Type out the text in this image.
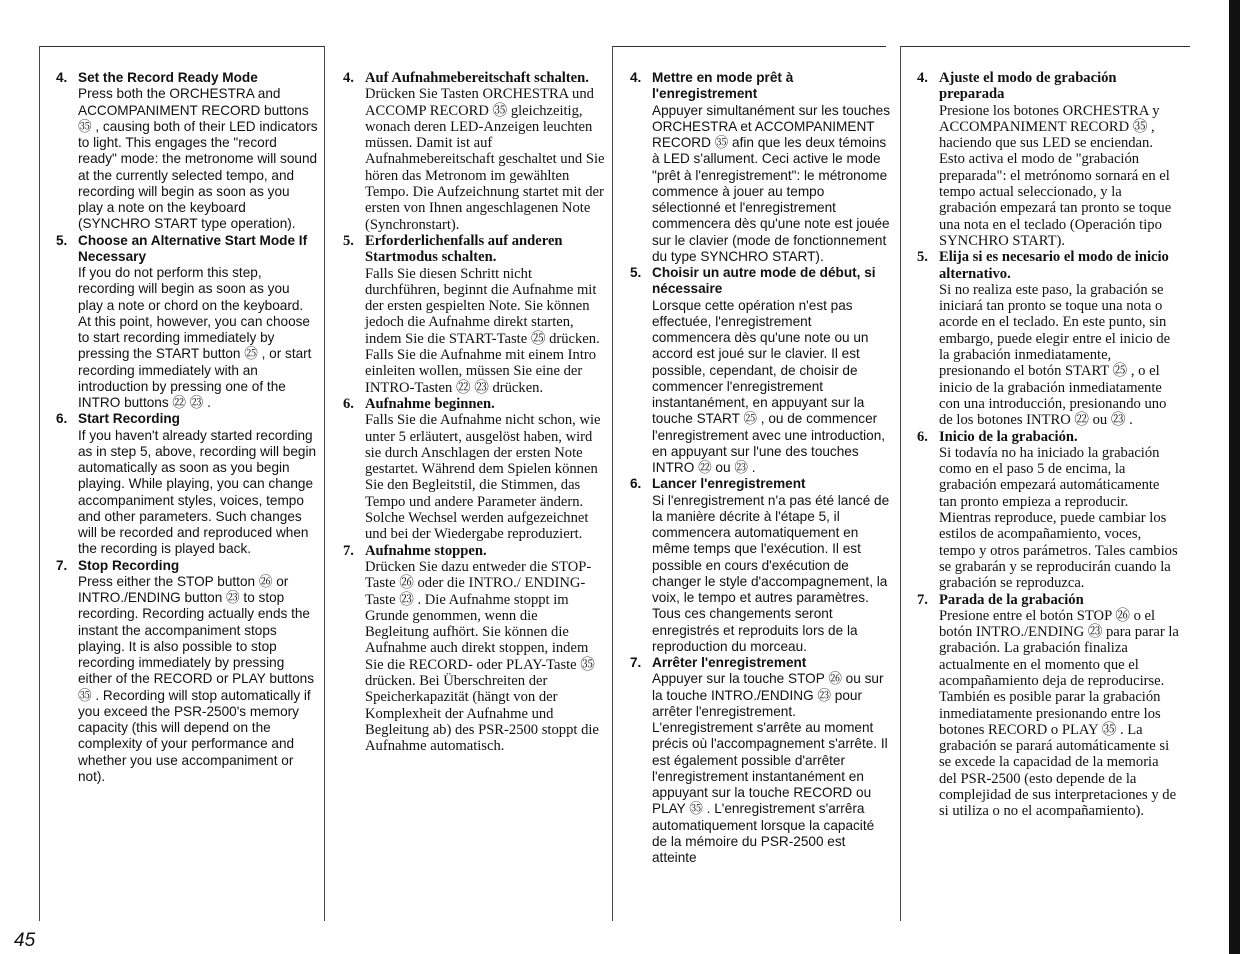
4. Set the Record Ready Mode
Press both the ORCHESTRA and ACCOMPANIMENT RECORD buttons ㉟ , causing both of their LED indicators to light. This engages the "record ready" mode: the metronome will sound at the currently selected tempo, and recording will begin as soon as you play a note on the keyboard (SYNCHRO START type operation).
5. Choose an Alternative Start Mode If Necessary
If you do not perform this step, recording will begin as soon as you play a note or chord on the keyboard. At this point, however, you can choose to start recording immediately by pressing the START button ㉕ , or start recording immediately with an introduction by pressing one of the INTRO buttons ㉒ ㉓ .
6. Start Recording
If you haven't already started recording as in step 5, above, recording will begin automatically as soon as you begin playing. While playing, you can change accompaniment styles, voices, tempo and other parameters. Such changes will be recorded and reproduced when the recording is played back.
7. Stop Recording
Press either the STOP button ㉖ or INTRO./ENDING button ㉓ to stop recording. Recording actually ends the instant the accompaniment stops playing. It is also possible to stop recording immediately by pressing either of the RECORD or PLAY buttons ㉟ . Recording will stop automatically if you exceed the PSR-2500's memory capacity (this will depend on the complexity of your performance and whether you use accompaniment or not).
4. Auf Aufnahmebereitschaft schalten.
Drücken Sie Tasten ORCHESTRA und ACCOMP RECORD ㉟ gleichzeitig, wonach deren LED-Anzeigen leuchten müssen. Damit ist auf Aufnahmebereitschaft geschaltet und Sie hören das Metronom im gewählten Tempo. Die Aufzeichnung startet mit der ersten von Ihnen angeschlagenen Note (Synchronstart).
5. Erforderlichenfalls auf anderen Startmodus schalten.
Falls Sie diesen Schritt nicht durchführen, beginnt die Aufnahme mit der ersten gespielten Note. Sie können jedoch die Aufnahme direkt starten, indem Sie die START-Taste ㉕ drücken. Falls Sie die Aufnahme mit einem Intro einleiten wollen, müssen Sie eine der INTRO-Tasten ㉒ ㉓ drücken.
6. Aufnahme beginnen.
Falls Sie die Aufnahme nicht schon, wie unter 5 erläutert, ausgelöst haben, wird sie durch Anschlagen der ersten Note gestartet. Während dem Spielen können Sie den Begleitstil, die Stimmen, das Tempo und andere Parameter ändern. Solche Wechsel werden aufgezeichnet und bei der Wiedergabe reproduziert.
7. Aufnahme stoppen.
Drücken Sie dazu entweder die STOP-Taste ㉖ oder die INTRO./ ENDING-Taste ㉓ . Die Aufnahme stoppt im Grunde genommen, wenn die Begleitung aufhört. Sie können die Aufnahme auch direkt stoppen, indem Sie die RECORD- oder PLAY-Taste ㉟ drücken. Bei Überschreiten der Speicherkapazität (hängt von der Komplexheit der Aufnahme und Begleitung ab) des PSR-2500 stoppt die Aufnahme automatisch.
4. Mettre en mode prêt à l'enregistrement
Appuyer simultanément sur les touches ORCHESTRA et ACCOMPANIMENT RECORD ㉟ afin que les deux témoins à LED s'allument. Ceci active le mode "prêt à l'enregistrement": le métronome commence à jouer au tempo sélectionné et l'enregistrement commencera dès qu'une note est jouée sur le clavier (mode de fonctionnement du type SYNCHRO START).
5. Choisir un autre mode de début, si nécessaire
Lorsque cette opération n'est pas effectuée, l'enregistrement commencera dès qu'une note ou un accord est joué sur le clavier. Il est possible, cependant, de choisir de commencer l'enregistrement instantanément, en appuyant sur la touche START ㉕ , ou de commencer l'enregistrement avec une introduction, en appuyant sur l'une des touches INTRO ㉒ ou ㉓ .
6. Lancer l'enregistrement
Si l'enregistrement n'a pas été lancé de la manière décrite à l'étape 5, il commencera automatiquement en même temps que l'exécution. Il est possible en cours d'exécution de changer le style d'accompagnement, la voix, le tempo et autres paramètres. Tous ces changements seront enregistrés et reproduits lors de la reproduction du morceau.
7. Arrêter l'enregistrement
Appuyer sur la touche STOP ㉖ ou sur la touche INTRO./ENDING ㉓ pour arrêter l'enregistrement. L'enregistrement s'arrête au moment précis où l'accompagnement s'arrête. Il est également possible d'arrêter l'enregistrement instantanément en appuyant sur la touche RECORD ou PLAY ㉟ . L'enregistrement s'arrêra automatiquement lorsque la capacité de la mémoire du PSR-2500 est atteinte
4. Ajuste el modo de grabación preparada
Presione los botones ORCHESTRA y ACCOMPANIMENT RECORD ㉟ , haciendo que sus LED se enciendan. Esto activa el modo de "grabación preparada": el metrónomo sornará en el tempo actual seleccionado, y la grabación empezará tan pronto se toque una nota en el teclado (Operación tipo SYNCHRO START).
5. Elija si es necesario el modo de inicio alternativo.
Si no realiza este paso, la grabación se iniciará tan pronto se toque una nota o acorde en el teclado. En este punto, sin embargo, puede elegir entre el inicio de la grabación inmediatamente, presionando el botón START ㉕ , o el inicio de la grabación inmediatamente con una introducción, presionando uno de los botones INTRO ㉒ ou ㉓ .
6. Inicio de la grabación.
Si todavía no ha iniciado la grabación como en el paso 5 de encima, la grabación empezará automáticamente tan pronto empieza a reproducir. Mientras reproduce, puede cambiar los estilos de acompañamiento, voces, tempo y otros parámetros. Tales cambios se grabarán y se reproducirán cuando la grabación se reproduzca.
7. Parada de la grabación
Presione entre el botón STOP ㉖ o el botón INTRO./ENDING ㉓ para parar la grabación. La grabación finaliza actualmente en el momento que el acompañamiento deja de reproducirse. También es posible parar la grabación inmediatamente presionando entre los botones RECORD o PLAY ㉟ . La grabación se parará automáticamente si se excede la capacidad de la memoria del PSR-2500 (esto depende de la complejidad de sus interpretaciones y de si utiliza o no el acompañamiento).
45
